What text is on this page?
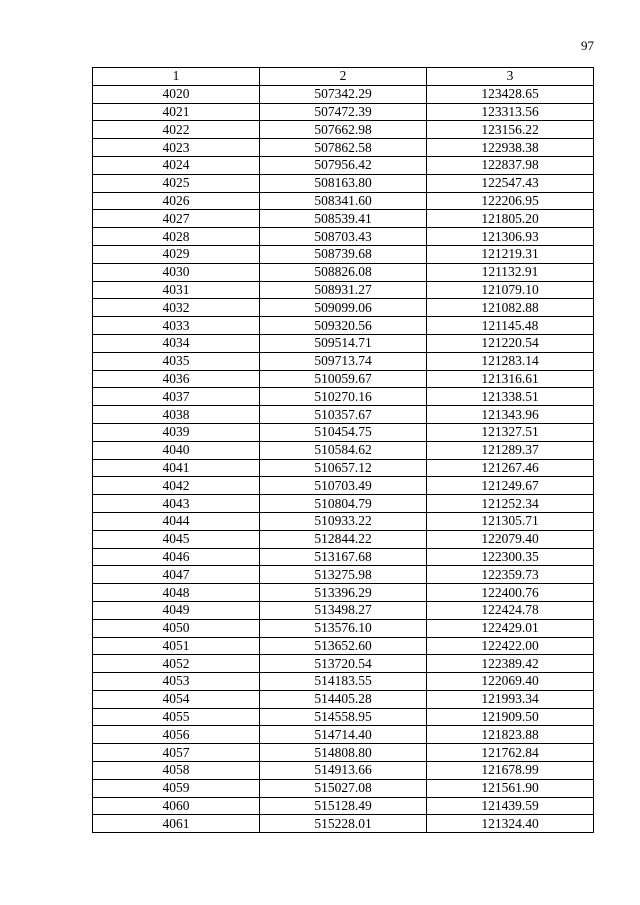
97
1	2	3
4020	507342.29	123428.65
4021	507472.39	123313.56
4022	507662.98	123156.22
4023	507862.58	122938.38
4024	507956.42	122837.98
4025	508163.80	122547.43
4026	508341.60	122206.95
4027	508539.41	121805.20
4028	508703.43	121306.93
4029	508739.68	121219.31
4030	508826.08	121132.91
4031	508931.27	121079.10
4032	509099.06	121082.88
4033	509320.56	121145.48
4034	509514.71	121220.54
4035	509713.74	121283.14
4036	510059.67	121316.61
4037	510270.16	121338.51
4038	510357.67	121343.96
4039	510454.75	121327.51
4040	510584.62	121289.37
4041	510657.12	121267.46
4042	510703.49	121249.67
4043	510804.79	121252.34
4044	510933.22	121305.71
4045	512844.22	122079.40
4046	513167.68	122300.35
4047	513275.98	122359.73
4048	513396.29	122400.76
4049	513498.27	122424.78
4050	513576.10	122429.01
4051	513652.60	122422.00
4052	513720.54	122389.42
4053	514183.55	122069.40
4054	514405.28	121993.34
4055	514558.95	121909.50
4056	514714.40	121823.88
4057	514808.80	121762.84
4058	514913.66	121678.99
4059	515027.08	121561.90
4060	515128.49	121439.59
4061	515228.01	121324.40
